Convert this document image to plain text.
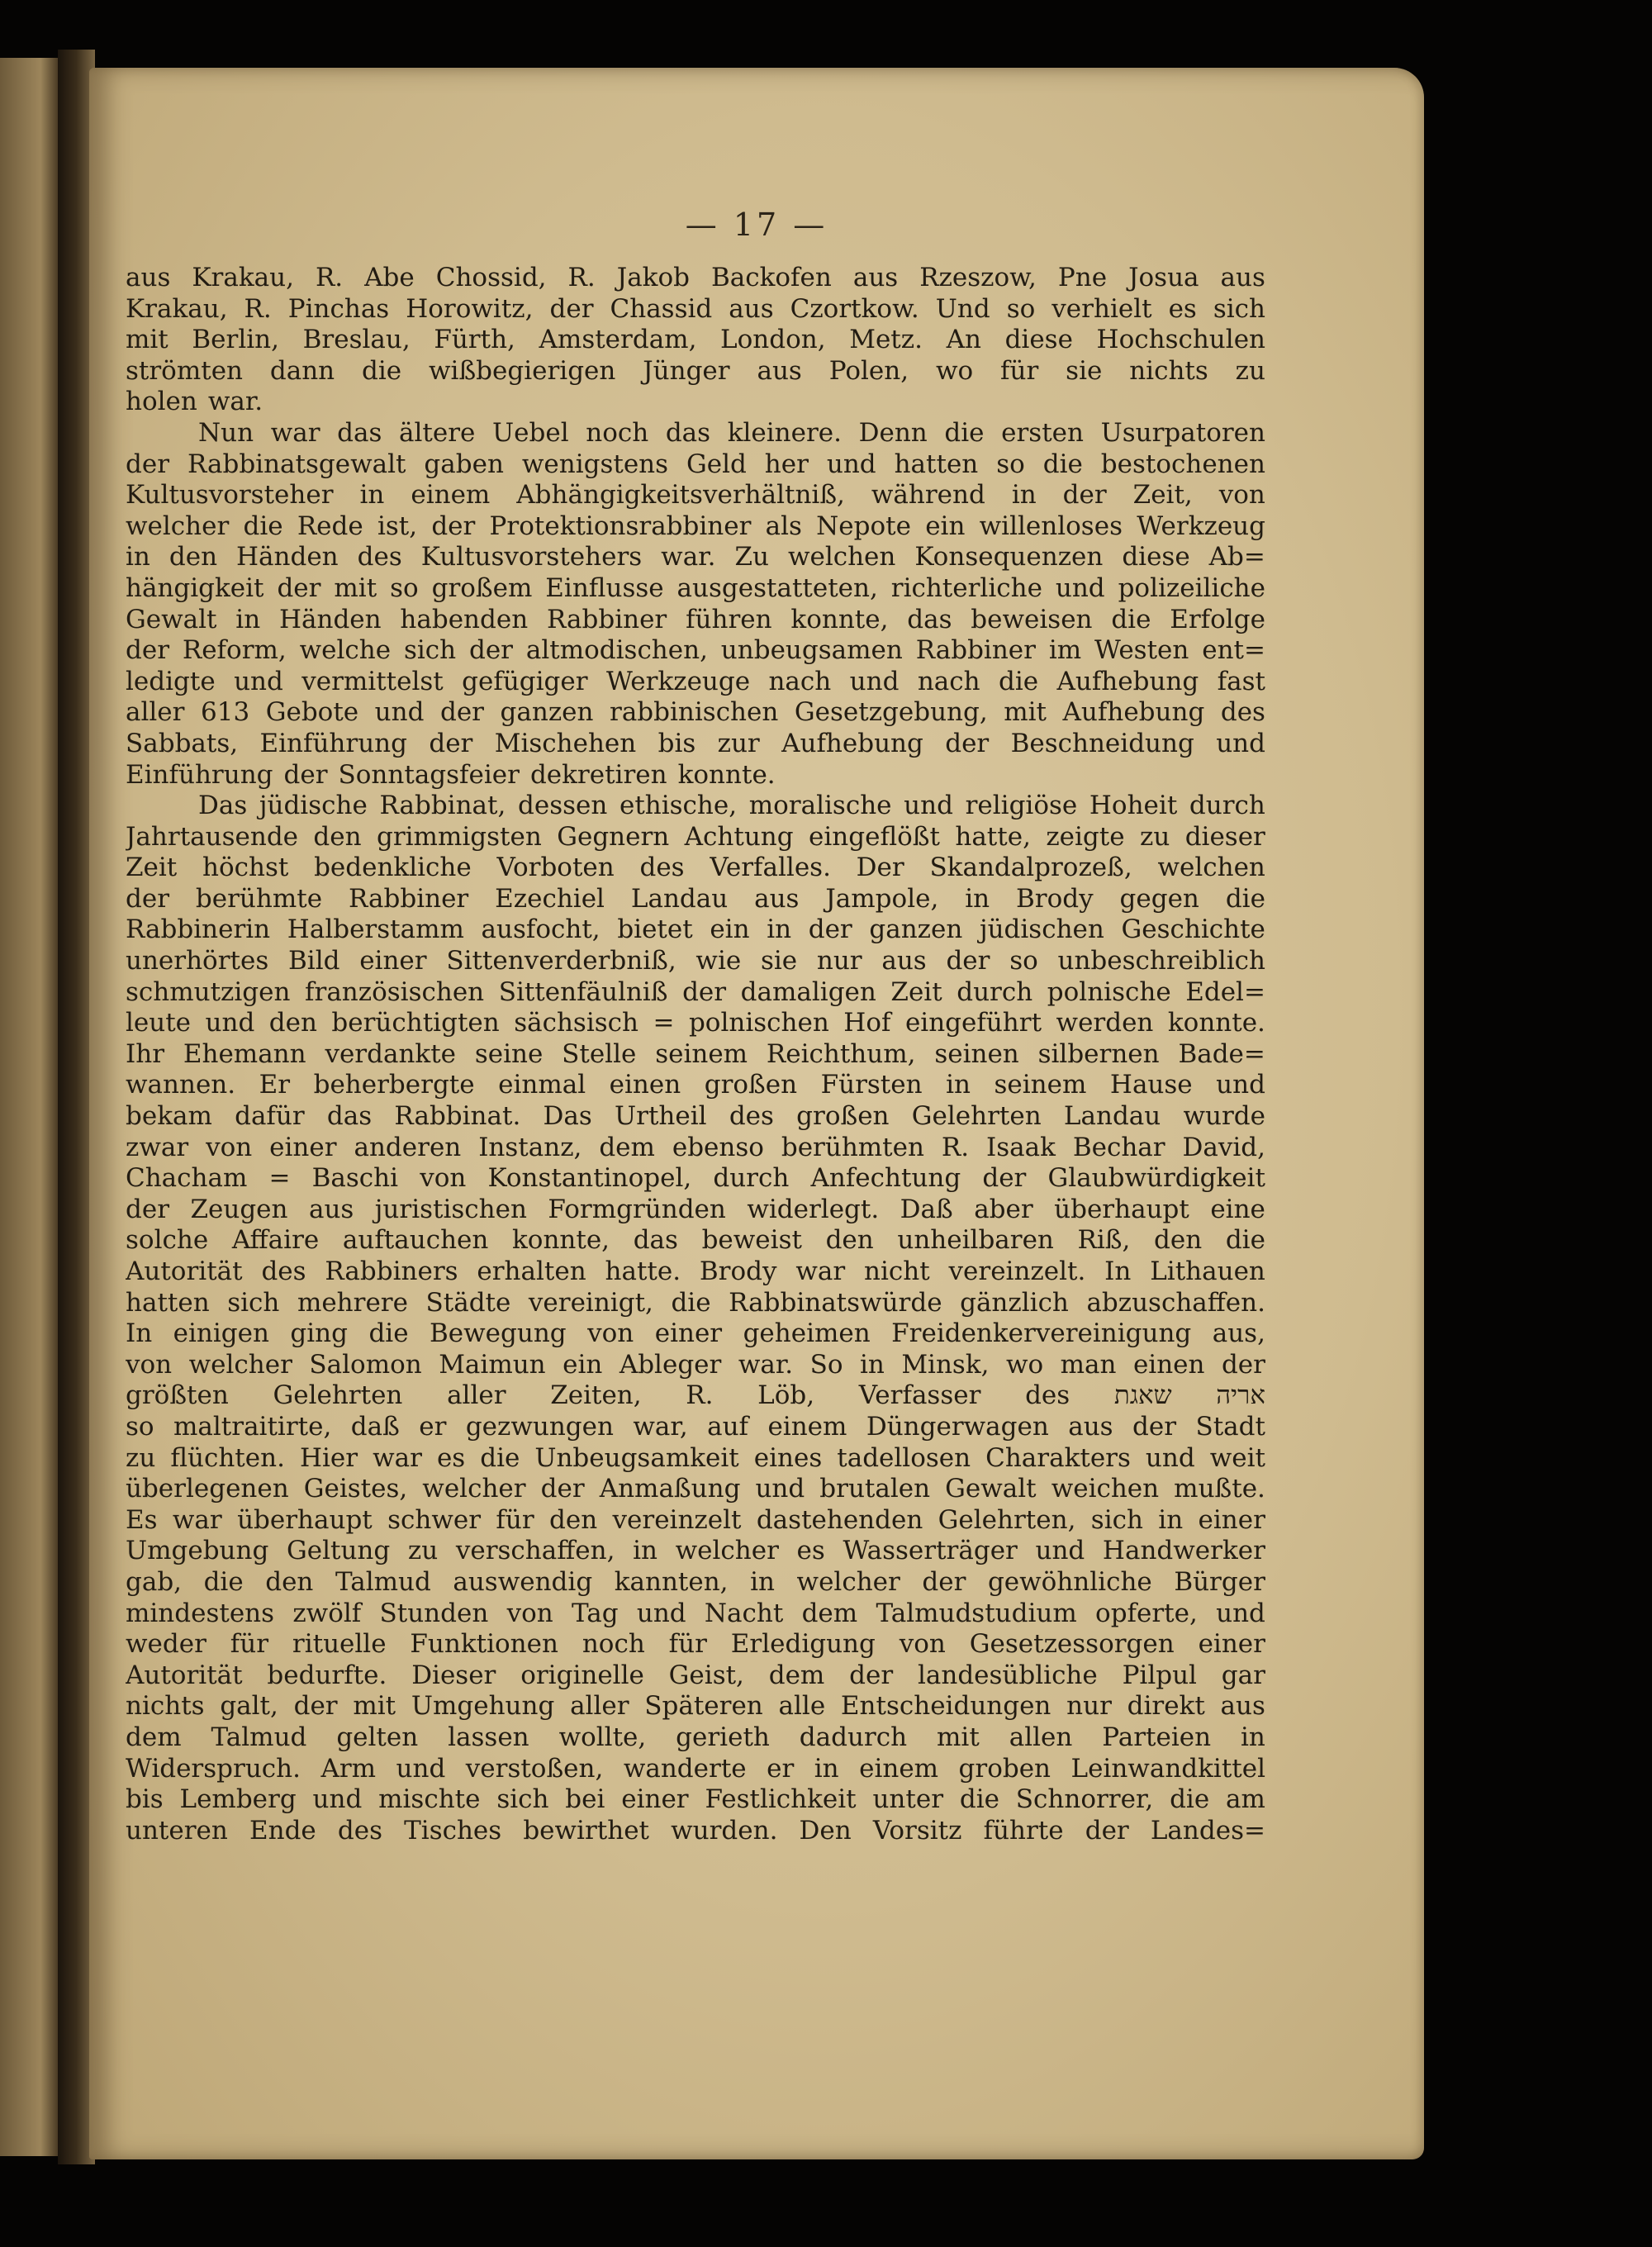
— 17 —
aus Krakau, R. Abe Chossid, R. Jakob Backofen aus Rzeszow, Pne Josua aus
Krakau, R. Pinchas Horowitz, der Chassid aus Czortkow. Und so verhielt es sich
mit Berlin, Breslau, Fürth, Amsterdam, London, Metz. An diese Hochschulen
strömten dann die wißbegierigen Jünger aus Polen, wo für sie nichts zu
holen war.
Nun war das ältere Uebel noch das kleinere. Denn die ersten Usurpatoren
der Rabbinatsgewalt gaben wenigstens Geld her und hatten so die bestochenen
Kultusvorsteher in einem Abhängigkeitsverhältniß, während in der Zeit, von
welcher die Rede ist, der Protektionsrabbiner als Nepote ein willenloses Werkzeug
in den Händen des Kultusvorstehers war. Zu welchen Konsequenzen diese Ab=
hängigkeit der mit so großem Einflusse ausgestatteten, richterliche und polizeiliche
Gewalt in Händen habenden Rabbiner führen konnte, das beweisen die Erfolge
der Reform, welche sich der altmodischen, unbeugsamen Rabbiner im Westen ent=
ledigte und vermittelst gefügiger Werkzeuge nach und nach die Aufhebung fast
aller 613 Gebote und der ganzen rabbinischen Gesetzgebung, mit Aufhebung des
Sabbats, Einführung der Mischehen bis zur Aufhebung der Beschneidung und
Einführung der Sonntagsfeier dekretiren konnte.
Das jüdische Rabbinat, dessen ethische, moralische und religiöse Hoheit durch
Jahrtausende den grimmigsten Gegnern Achtung eingeflößt hatte, zeigte zu dieser
Zeit höchst bedenkliche Vorboten des Verfalles. Der Skandalprozeß, welchen
der berühmte Rabbiner Ezechiel Landau aus Jampole, in Brody gegen die
Rabbinerin Halberstamm ausfocht, bietet ein in der ganzen jüdischen Geschichte
unerhörtes Bild einer Sittenverderbniß, wie sie nur aus der so unbeschreiblich
schmutzigen französischen Sittenfäulniß der damaligen Zeit durch polnische Edel=
leute und den berüchtigten sächsisch = polnischen Hof eingeführt werden konnte.
Ihr Ehemann verdankte seine Stelle seinem Reichthum, seinen silbernen Bade=
wannen. Er beherbergte einmal einen großen Fürsten in seinem Hause und
bekam dafür das Rabbinat. Das Urtheil des großen Gelehrten Landau wurde
zwar von einer anderen Instanz, dem ebenso berühmten R. Isaak Bechar David,
Chacham = Baschi von Konstantinopel, durch Anfechtung der Glaubwürdigkeit
der Zeugen aus juristischen Formgründen widerlegt. Daß aber überhaupt eine
solche Affaire auftauchen konnte, das beweist den unheilbaren Riß, den die
Autorität des Rabbiners erhalten hatte. Brody war nicht vereinzelt. In Lithauen
hatten sich mehrere Städte vereinigt, die Rabbinatswürde gänzlich abzuschaffen.
In einigen ging die Bewegung von einer geheimen Freidenkervereinigung aus,
von welcher Salomon Maimun ein Ableger war. So in Minsk, wo man einen der
größten Gelehrten aller Zeiten, R. Löb, Verfasser des שאגת אריה
so maltraitirte, daß er gezwungen war, auf einem Düngerwagen aus der Stadt
zu flüchten. Hier war es die Unbeugsamkeit eines tadellosen Charakters und weit
überlegenen Geistes, welcher der Anmaßung und brutalen Gewalt weichen mußte.
Es war überhaupt schwer für den vereinzelt dastehenden Gelehrten, sich in einer
Umgebung Geltung zu verschaffen, in welcher es Wasserträger und Handwerker
gab, die den Talmud auswendig kannten, in welcher der gewöhnliche Bürger
mindestens zwölf Stunden von Tag und Nacht dem Talmudstudium opferte, und
weder für rituelle Funktionen noch für Erledigung von Gesetzessorgen einer
Autorität bedurfte. Dieser originelle Geist, dem der landesübliche Pilpul gar
nichts galt, der mit Umgehung aller Späteren alle Entscheidungen nur direkt aus
dem Talmud gelten lassen wollte, gerieth dadurch mit allen Parteien in
Widerspruch. Arm und verstoßen, wanderte er in einem groben Leinwandkittel
bis Lemberg und mischte sich bei einer Festlichkeit unter die Schnorrer, die am
unteren Ende des Tisches bewirthet wurden. Den Vorsitz führte der Landes=
